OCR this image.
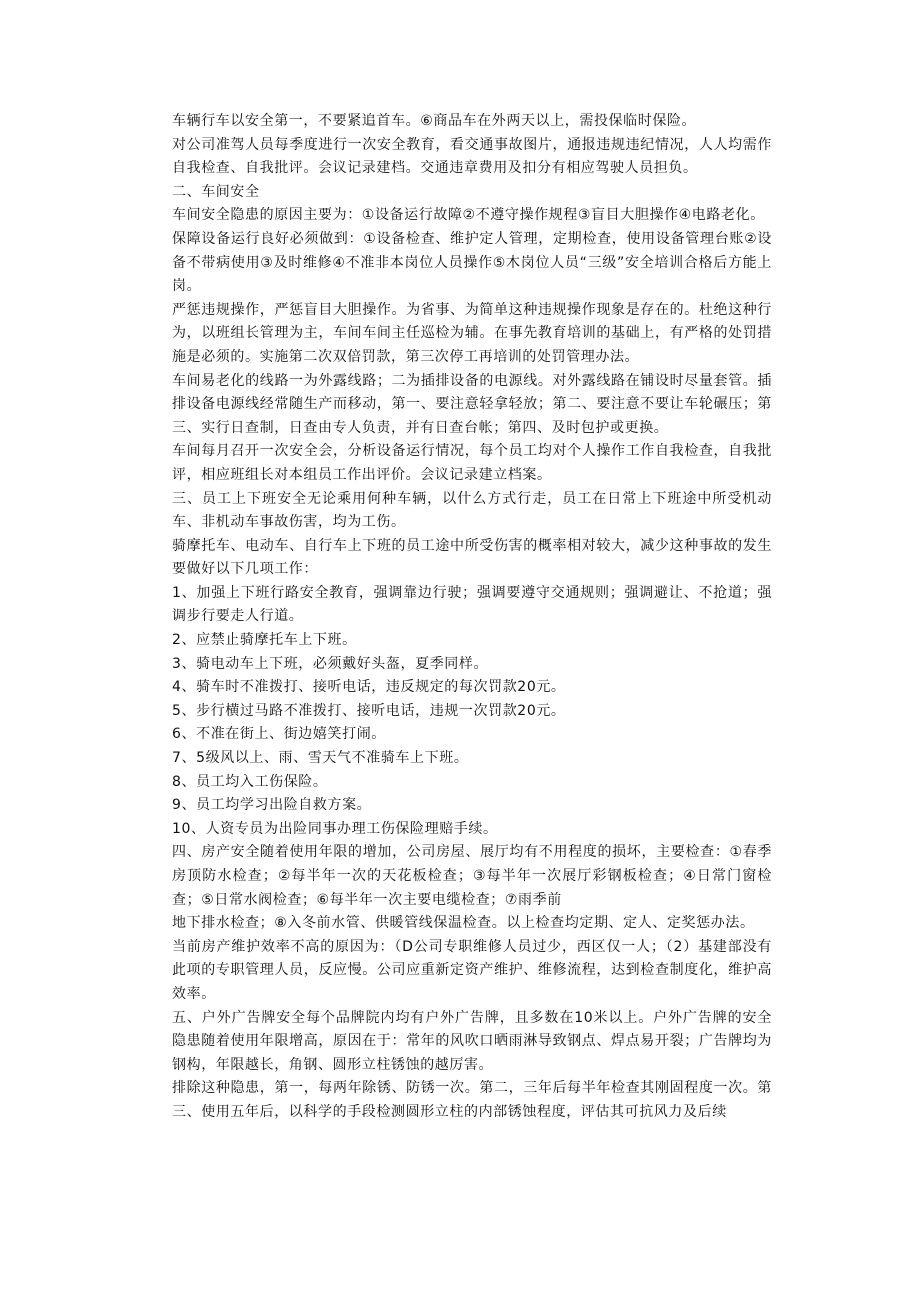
车辆行车以安全第一，不要紧追首车。⑥商品车在外两天以上，需投保临时保险。

对公司准驾人员每季度进行一次安全教育，看交通事故图片，通报违规违纪情况，人人均需作自我检查、自我批评。会议记录建档。交通违章费用及扣分有相应驾驶人员担负。

二、车间安全

车间安全隐患的原因主要为：①设备运行故障②不遵守操作规程③盲目大胆操作④电路老化。

保障设备运行良好必须做到：①设备检查、维护定人管理，定期检查，使用设备管理台账②设备不带病使用③及时维修④不准非本岗位人员操作⑤木岗位人员“三级”安全培训合格后方能上岗。

严惩违规操作，严惩盲目大胆操作。为省事、为简单这种违规操作现象是存在的。杜绝这种行为，以班组长管理为主，车间车间主任巡检为辅。在事先教育培训的基础上，有严格的处罚措施是必须的。实施第二次双倍罚款，第三次停工再培训的处罚管理办法。

车间易老化的线路一为外露线路；二为插排设备的电源线。对外露线路在铺设时尽量套管。插排设备电源线经常随生产而移动，第一、要注意轻拿轻放；第二、要注意不要让车轮碾压；第三、实行日查制，日查由专人负责，并有日查台帐；第四、及时包护或更换。

车间每月召开一次安全会，分析设备运行情况，每个员工均对个人操作工作自我检查，自我批评，相应班组长对本组员工作出评价。会议记录建立档案。

三、员工上下班安全无论乘用何种车辆，以什么方式行走，员工在日常上下班途中所受机动车、非机动车事故伤害，均为工伤。

骑摩托车、电动车、自行车上下班的员工途中所受伤害的概率相对较大，减少这种事故的发生要做好以下几项工作：

1、加强上下班行路安全教育，强调靠边行驶；强调要遵守交通规则；强调避让、不抢道；强调步行要走人行道。

2、应禁止骑摩托车上下班。

3、骑电动车上下班，必须戴好头盔，夏季同样。

4、骑车时不准拨打、接听电话，违反规定的每次罚款20元。

5、步行横过马路不准拨打、接听电话，违规一次罚款20元。

6、不准在街上、街边嬉笑打闹。

7、5级风以上、雨、雪天气不准骑车上下班。

8、员工均入工伤保险。

9、员工均学习出险自救方案。

10、人资专员为出险同事办理工伤保险理赔手续。

四、房产安全随着使用年限的增加，公司房屋、展厅均有不用程度的损坏，主要检查：①春季房顶防水检查；②每半年一次的天花板检查；③每半年一次展厅彩钢板检查；④日常门窗检查；⑤日常水阀检查；⑥每半年一次主要电缆检查；⑦雨季前

地下排水检查；⑧入冬前水管、供暖管线保温检查。以上检查均定期、定人、定奖惩办法。

当前房产维护效率不高的原因为：（D公司专职维修人员过少，西区仅一人；（2）基建部没有此项的专职管理人员，反应慢。公司应重新定资产维护、维修流程，达到检查制度化，维护高效率。

五、户外广告牌安全每个品牌院内均有户外广告牌，且多数在10米以上。户外广告牌的安全隐患随着使用年限增高，原因在于：常年的风吹口晒雨淋导致钢点、焊点易开裂；广告牌均为钢构，年限越长，角钢、圆形立柱锈蚀的越厉害。

排除这种隐患，第一，每两年除锈、防锈一次。第二，三年后每半年检查其刚固程度一次。第三、使用五年后，以科学的手段检测圆形立柱的内部锈蚀程度，评估其可抗风力及后续
